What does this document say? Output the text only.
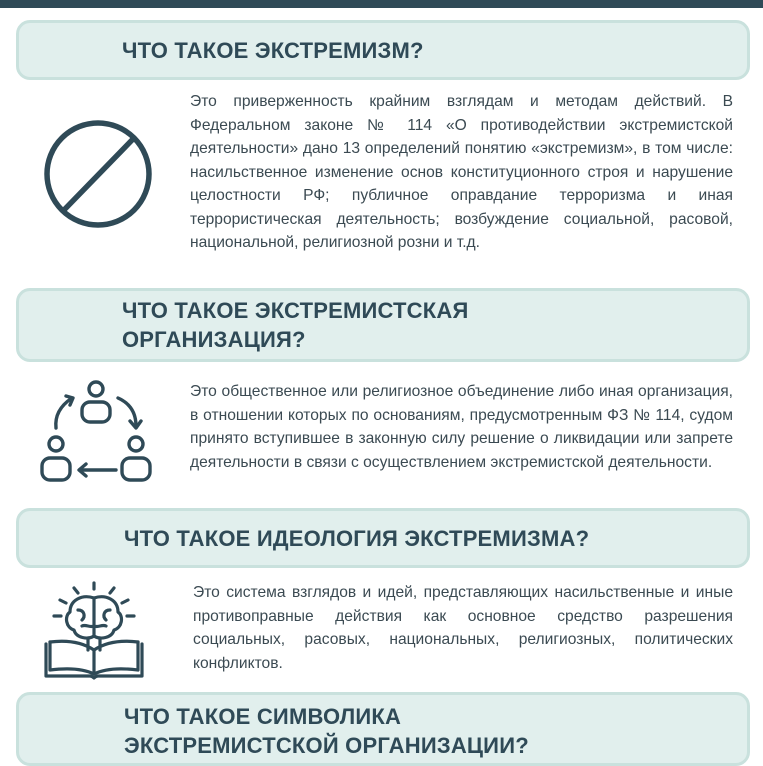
ЧТО ТАКОЕ ЭКСТРЕМИЗМ?
Это приверженность крайним взглядам и методам действий. В Федеральном законе № 114 «О противодействии экстремистской деятельности» дано 13 определений понятию «экстремизм», в том числе: насильственное изменение основ конституционного строя и нарушение целостности РФ; публичное оправдание терроризма и иная террористическая деятельность; возбуждение социальной, расовой, национальной, религиозной розни и т.д.
ЧТО ТАКОЕ ЭКСТРЕМИСТСКАЯ
ОРГАНИЗАЦИЯ?
Это общественное или религиозное объединение либо иная организация, в отношении которых по основаниям, предусмотренным ФЗ № 114, судом принято вступившее в законную силу решение о ликвидации или запрете деятельности в связи с осуществлением экстремистской деятельности.
ЧТО ТАКОЕ ИДЕОЛОГИЯ ЭКСТРЕМИЗМА?
Это система взглядов и идей, представляющих насильственные и иные противоправные действия как основное средство разрешения социальных, расовых, национальных, религиозных, политических конфликтов.
ЧТО ТАКОЕ СИМВОЛИКА
ЭКСТРЕМИСТСКОЙ ОРГАНИЗАЦИИ?
